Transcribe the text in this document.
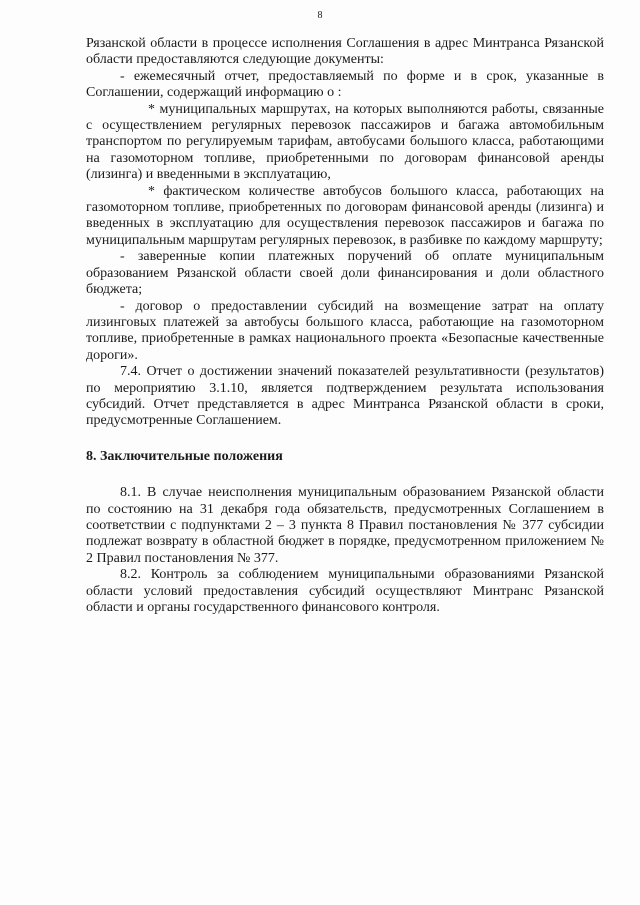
8

Рязанской области в процессе исполнения Соглашения в адрес Минтранса Рязанской области предоставляются следующие документы:

- ежемесячный отчет, предоставляемый по форме и в срок, указанные в Соглашении, содержащий информацию о :

* муниципальных маршрутах, на которых выполняются работы, связанные с осуществлением регулярных перевозок пассажиров и багажа автомобильным транспортом по регулируемым тарифам, автобусами большого класса, работающими на газомоторном топливе, приобретенными по договорам финансовой аренды (лизинга) и введенными в эксплуатацию,

* фактическом количестве автобусов большого класса, работающих на газомоторном топливе, приобретенных по договорам финансовой аренды (лизинга) и введенных в эксплуатацию для осуществления перевозок пассажиров и багажа по муниципальным маршрутам регулярных перевозок, в разбивке по каждому маршруту;

- заверенные копии платежных поручений об оплате муниципальным образованием Рязанской области своей доли финансирования и доли областного бюджета;

- договор о предоставлении субсидий на возмещение затрат на оплату лизинговых платежей за автобусы большого класса, работающие на газомоторном топливе, приобретенные в рамках национального проекта «Безопасные качественные дороги».

7.4. Отчет о достижении значений показателей результативности (результатов) по мероприятию 3.1.10, является подтверждением результата использования субсидий. Отчет представляется в адрес Минтранса Рязанской области в сроки, предусмотренные Соглашением.

8. Заключительные положения

8.1. В случае неисполнения муниципальным образованием Рязанской области по состоянию на 31 декабря года обязательств, предусмотренных Соглашением в соответствии с подпунктами 2 – 3 пункта 8 Правил постановления № 377 субсидии подлежат возврату в областной бюджет в порядке, предусмотренном приложением № 2 Правил постановления № 377.

8.2. Контроль за соблюдением муниципальными образованиями Рязанской области условий предоставления субсидий осуществляют Минтранс Рязанской области и органы государственного финансового контроля.
